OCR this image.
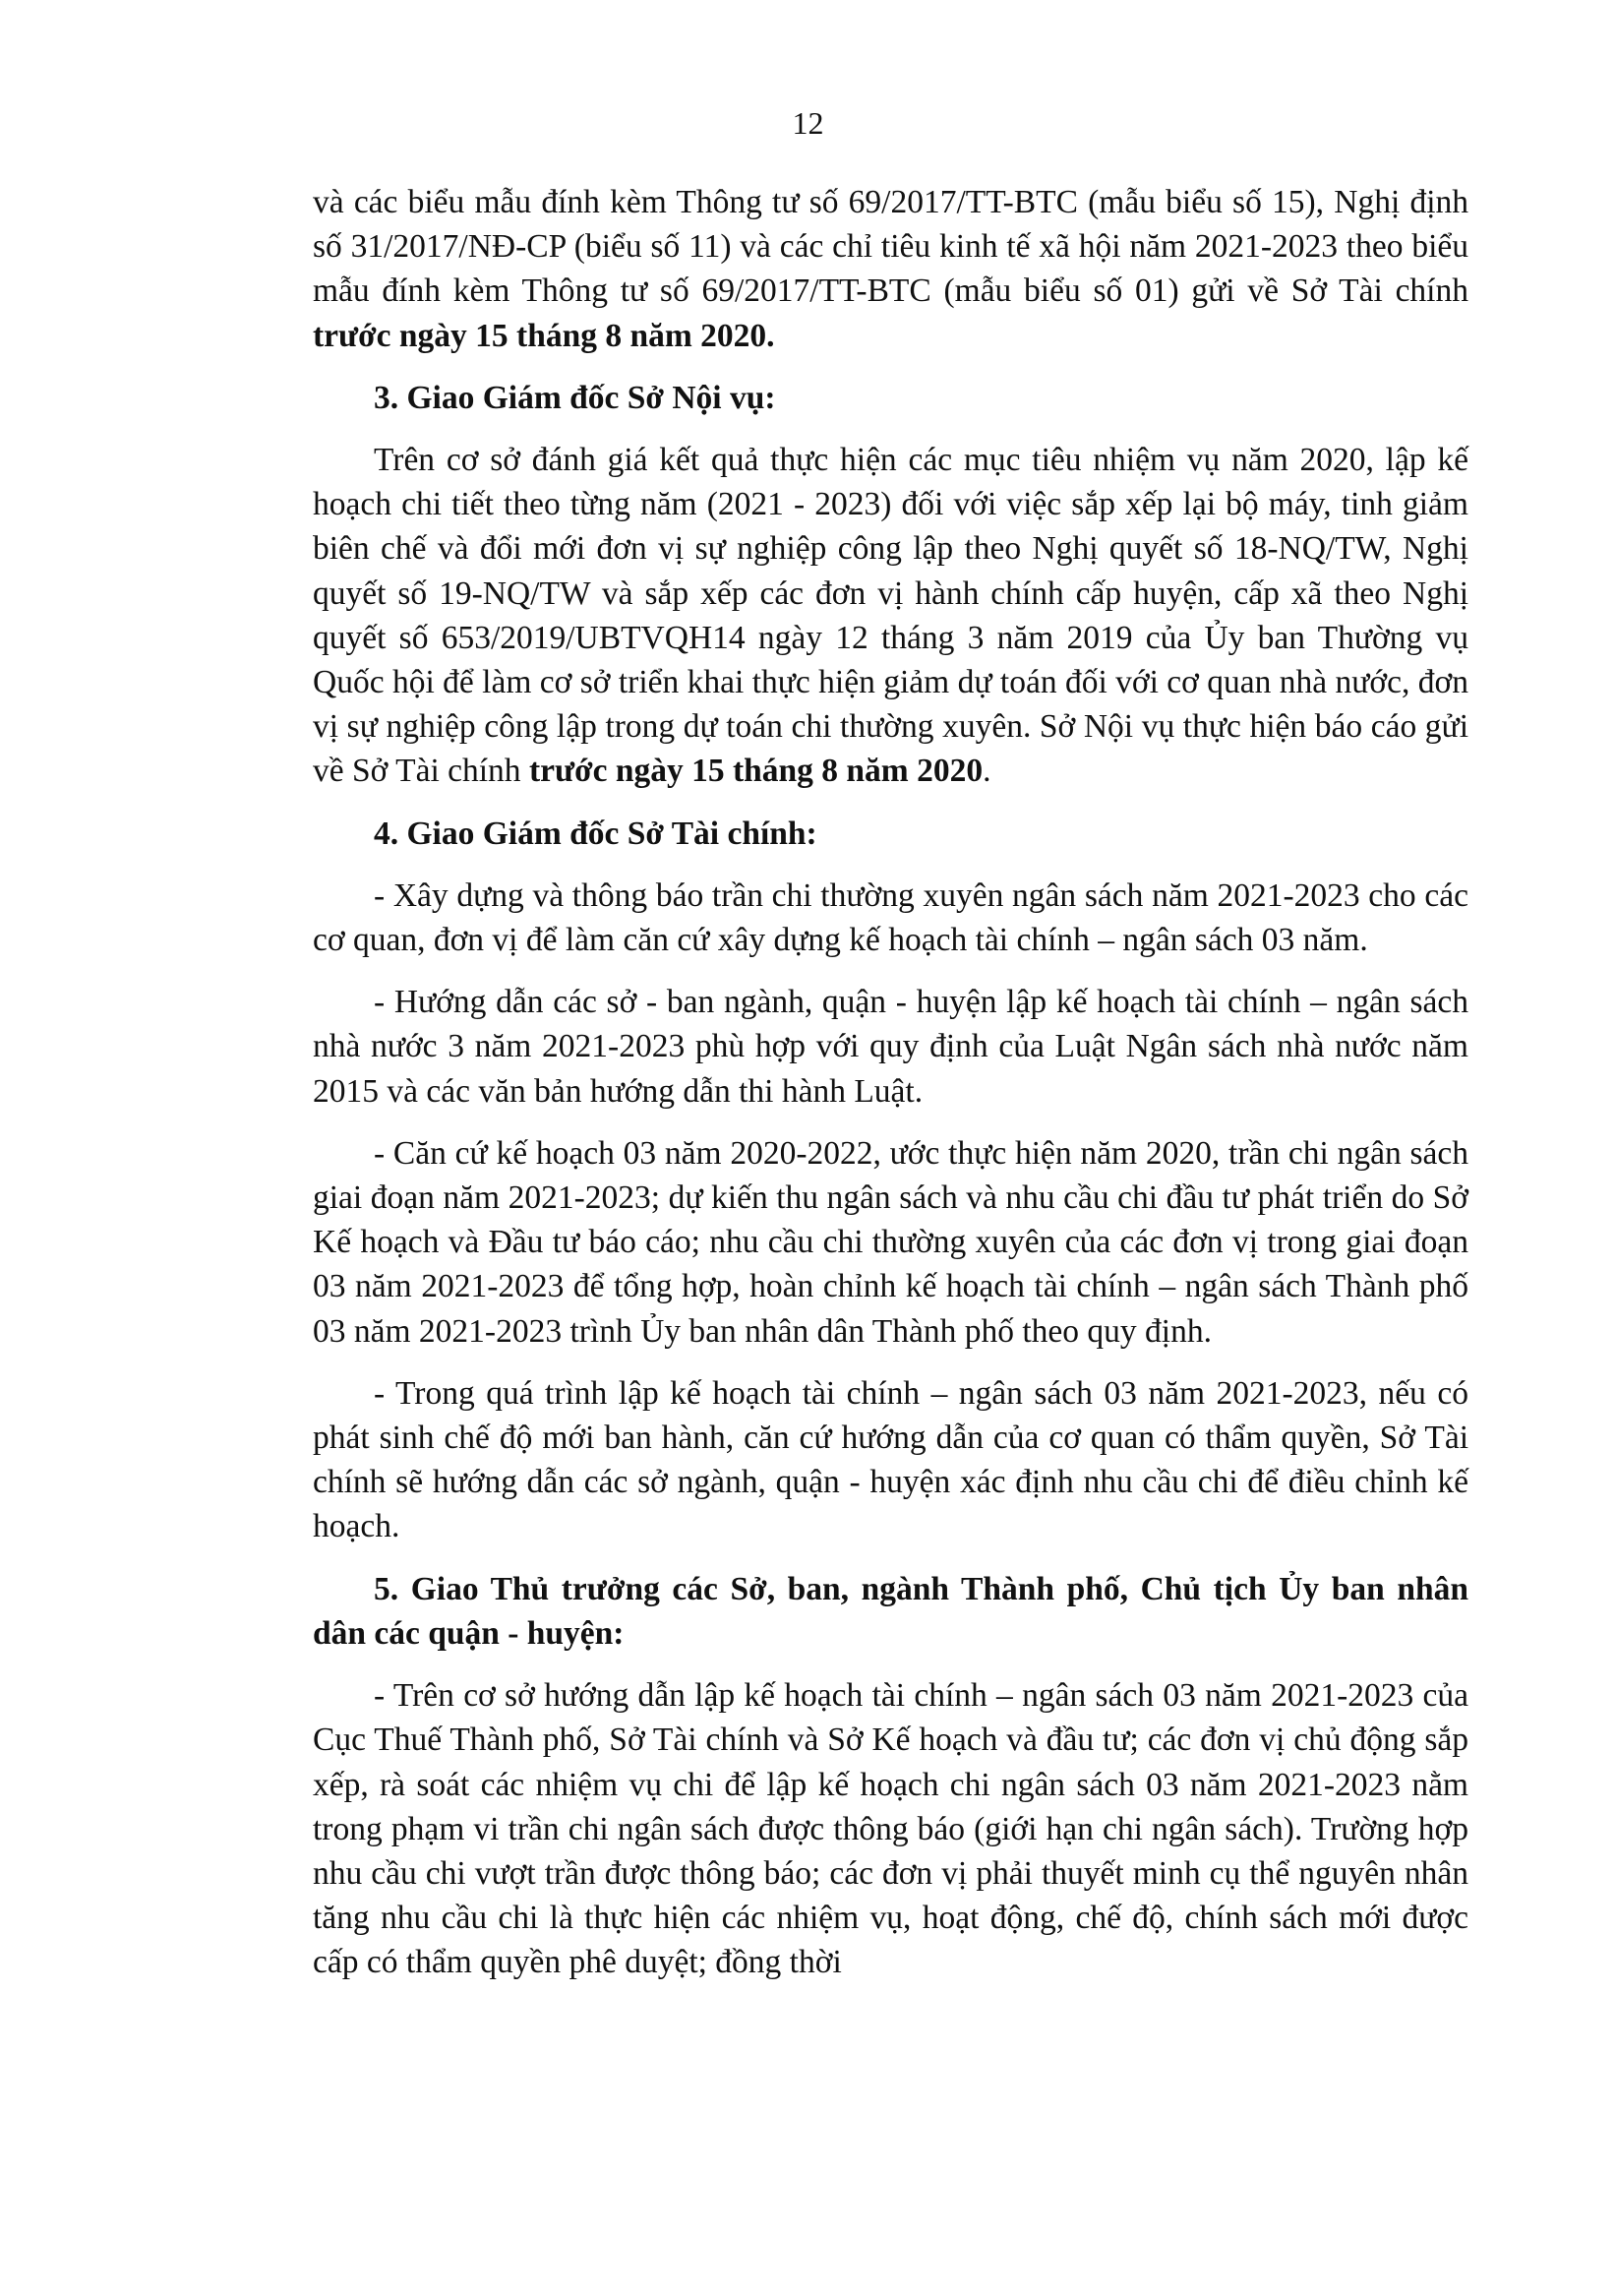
12

và các biểu mẫu đính kèm Thông tư số 69/2017/TT-BTC (mẫu biểu số 15), Nghị định số 31/2017/NĐ-CP (biểu số 11) và các chỉ tiêu kinh tế xã hội năm 2021-2023 theo biểu mẫu đính kèm Thông tư số 69/2017/TT-BTC (mẫu biểu số 01) gửi về Sở Tài chính trước ngày 15 tháng 8 năm 2020.

3. Giao Giám đốc Sở Nội vụ:

Trên cơ sở đánh giá kết quả thực hiện các mục tiêu nhiệm vụ năm 2020, lập kế hoạch chi tiết theo từng năm (2021 - 2023) đối với việc sắp xếp lại bộ máy, tinh giảm biên chế và đổi mới đơn vị sự nghiệp công lập theo Nghị quyết số 18-NQ/TW, Nghị quyết số 19-NQ/TW và sắp xếp các đơn vị hành chính cấp huyện, cấp xã theo Nghị quyết số 653/2019/UBTVQH14 ngày 12 tháng 3 năm 2019 của Ủy ban Thường vụ Quốc hội để làm cơ sở triển khai thực hiện giảm dự toán đối với cơ quan nhà nước, đơn vị sự nghiệp công lập trong dự toán chi thường xuyên. Sở Nội vụ thực hiện báo cáo gửi về Sở Tài chính trước ngày 15 tháng 8 năm 2020.

4. Giao Giám đốc Sở Tài chính:

- Xây dựng và thông báo trần chi thường xuyên ngân sách năm 2021-2023 cho các cơ quan, đơn vị để làm căn cứ xây dựng kế hoạch tài chính – ngân sách 03 năm.

- Hướng dẫn các sở - ban ngành, quận - huyện lập kế hoạch tài chính – ngân sách nhà nước 3 năm 2021-2023 phù hợp với quy định của Luật Ngân sách nhà nước năm 2015 và các văn bản hướng dẫn thi hành Luật.

- Căn cứ kế hoạch 03 năm 2020-2022, ước thực hiện năm 2020, trần chi ngân sách giai đoạn năm 2021-2023; dự kiến thu ngân sách và nhu cầu chi đầu tư phát triển do Sở Kế hoạch và Đầu tư báo cáo; nhu cầu chi thường xuyên của các đơn vị trong giai đoạn 03 năm 2021-2023 để tổng hợp, hoàn chỉnh kế hoạch tài chính – ngân sách Thành phố 03 năm 2021-2023 trình Ủy ban nhân dân Thành phố theo quy định.

- Trong quá trình lập kế hoạch tài chính – ngân sách 03 năm 2021-2023, nếu có phát sinh chế độ mới ban hành, căn cứ hướng dẫn của cơ quan có thẩm quyền, Sở Tài chính sẽ hướng dẫn các sở ngành, quận - huyện xác định nhu cầu chi để điều chỉnh kế hoạch.

5. Giao Thủ trưởng các Sở, ban, ngành Thành phố, Chủ tịch Ủy ban nhân dân các quận - huyện:

- Trên cơ sở hướng dẫn lập kế hoạch tài chính – ngân sách 03 năm 2021-2023 của Cục Thuế Thành phố, Sở Tài chính và Sở Kế hoạch và đầu tư; các đơn vị chủ động sắp xếp, rà soát các nhiệm vụ chi để lập kế hoạch chi ngân sách 03 năm 2021-2023 nằm trong phạm vi trần chi ngân sách được thông báo (giới hạn chi ngân sách). Trường hợp nhu cầu chi vượt trần được thông báo; các đơn vị phải thuyết minh cụ thể nguyên nhân tăng nhu cầu chi là thực hiện các nhiệm vụ, hoạt động, chế độ, chính sách mới được cấp có thẩm quyền phê duyệt; đồng thời
